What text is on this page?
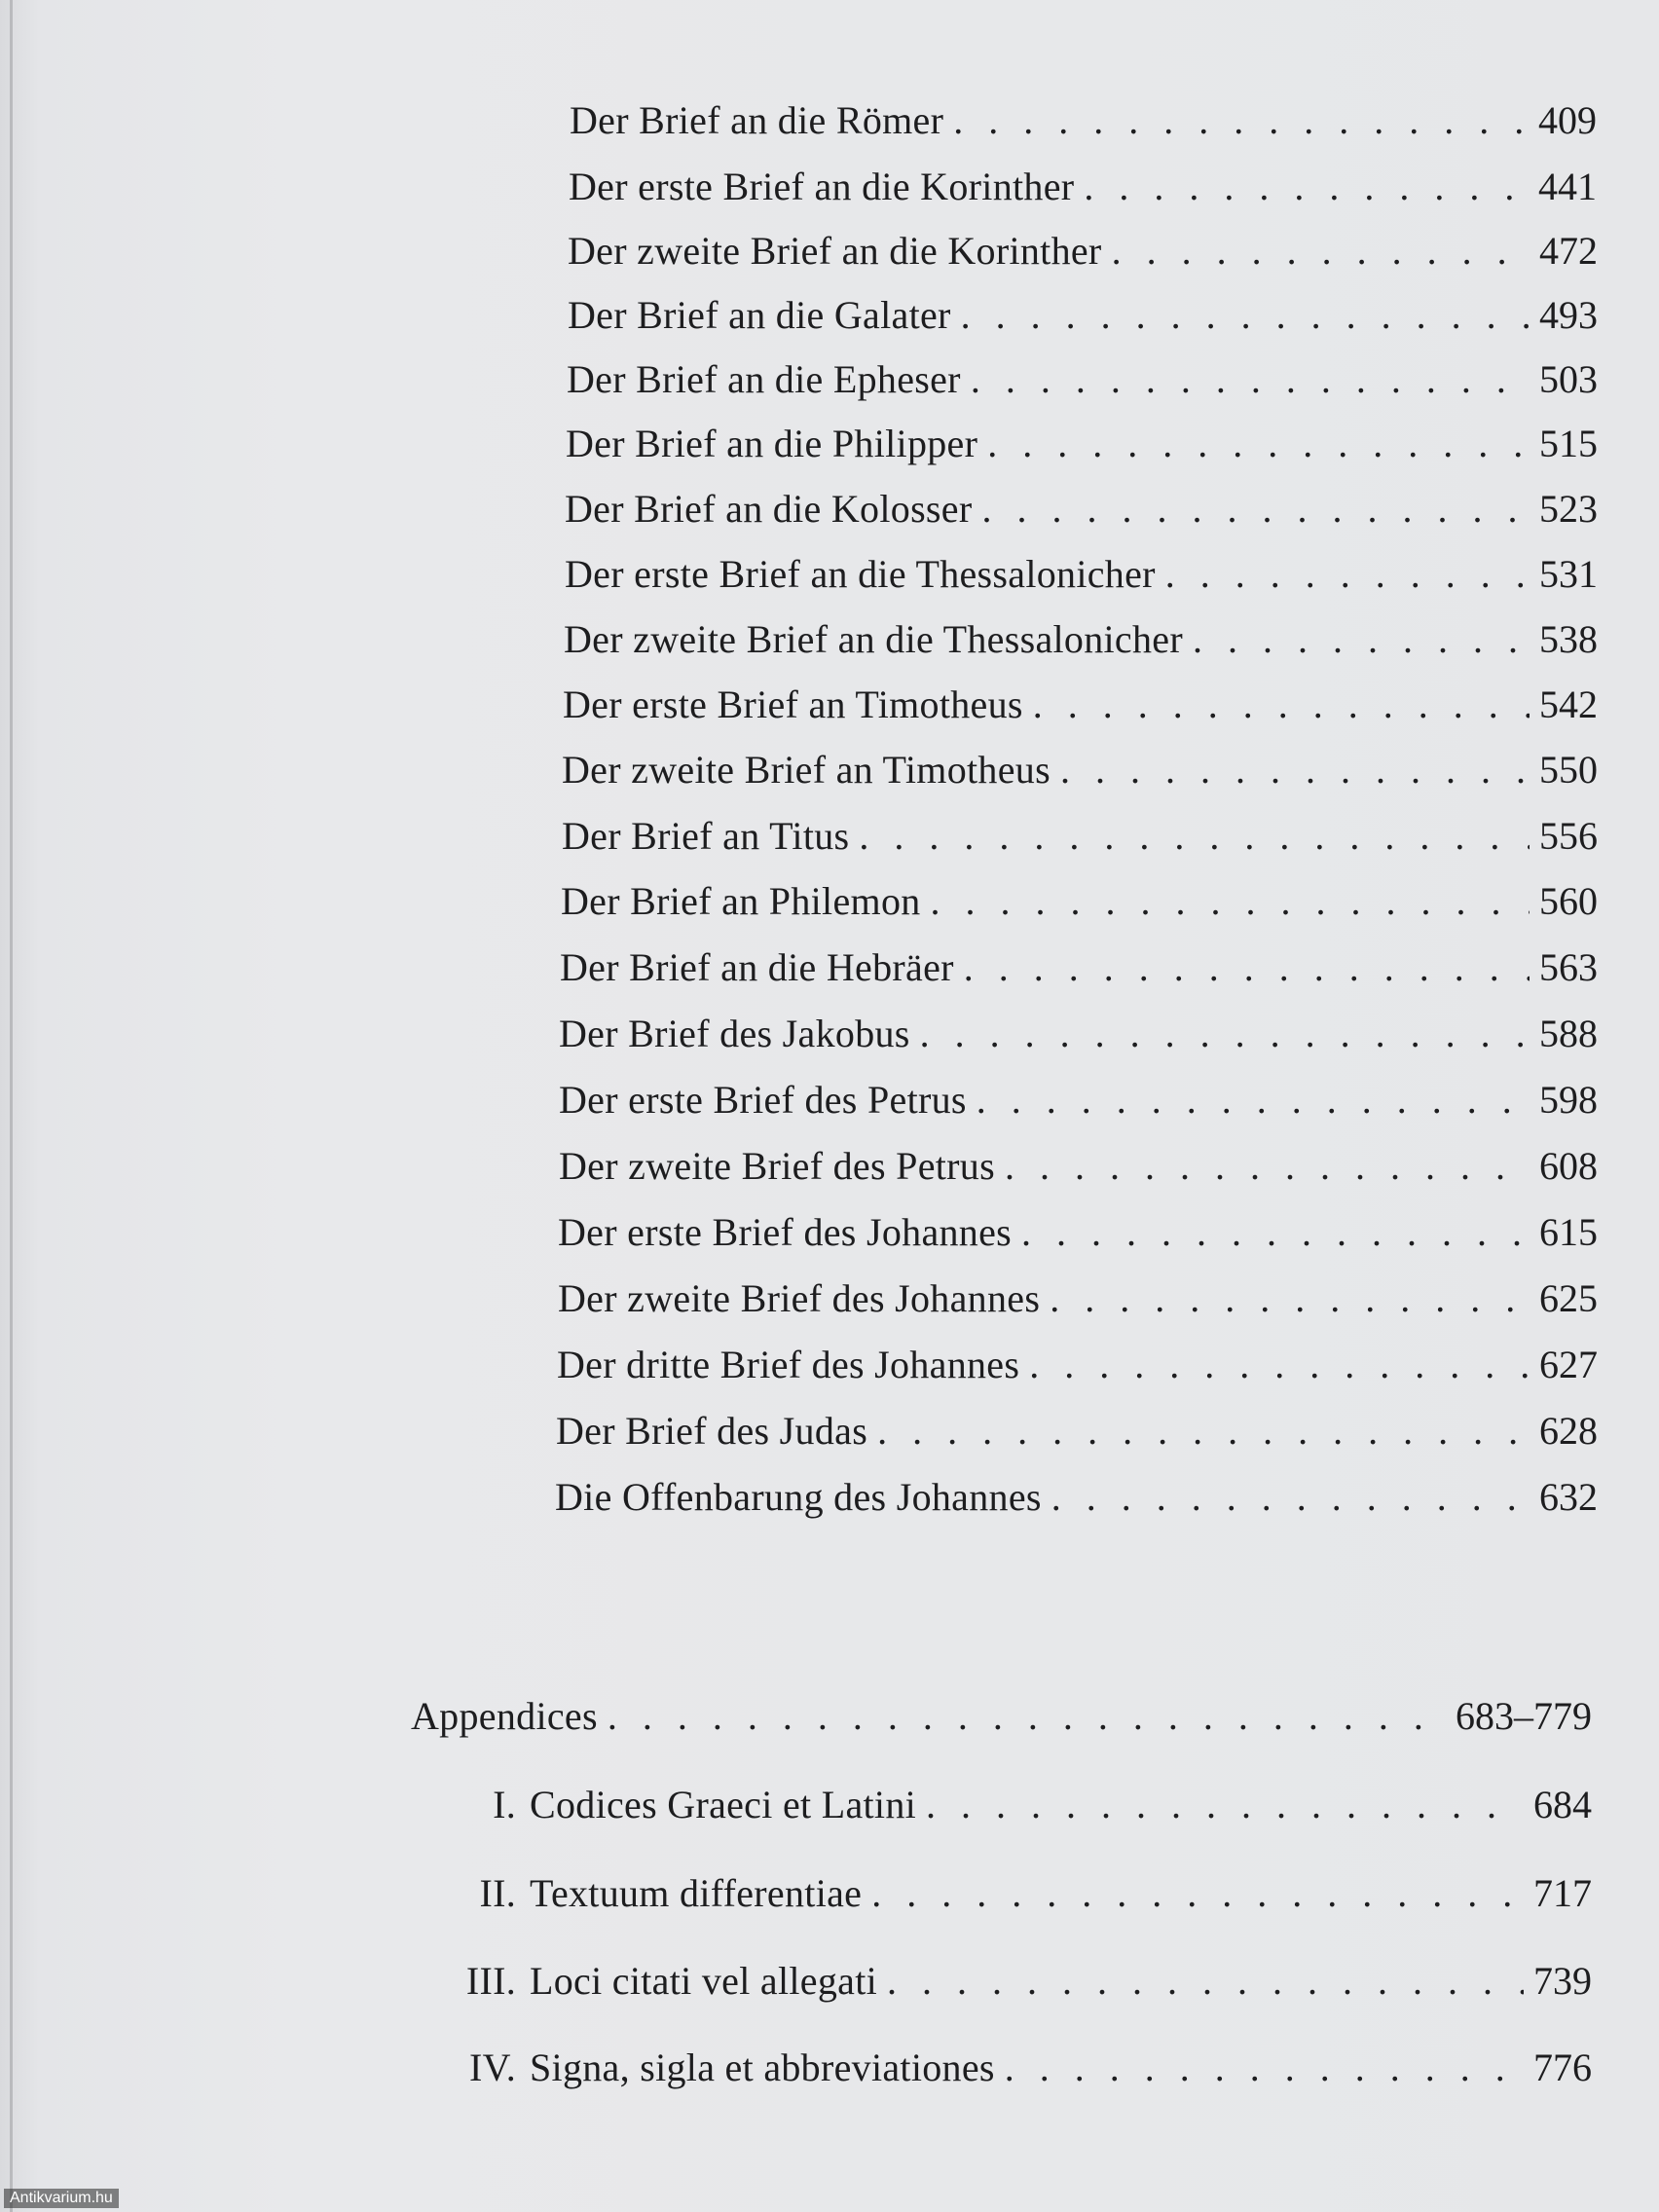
Der Brief an die Römer . . .	409
Der erste Brief an die Korinther . . .	441
Der zweite Brief an die Korinther . . .	472
Der Brief an die Galater . . .	493
Der Brief an die Epheser . . .	503
Der Brief an die Philipper . . .	515
Der Brief an die Kolosser . . .	523
Der erste Brief an die Thessalonicher . . .	531
Der zweite Brief an die Thessalonicher . . .	538
Der erste Brief an Timotheus . . .	542
Der zweite Brief an Timotheus . . .	550
Der Brief an Titus . . .	556
Der Brief an Philemon . . .	560
Der Brief an die Hebräer . . .	563
Der Brief des Jakobus . . .	588
Der erste Brief des Petrus . . .	598
Der zweite Brief des Petrus . . .	608
Der erste Brief des Johannes . . .	615
Der zweite Brief des Johannes . . .	625
Der dritte Brief des Johannes . . .	627
Der Brief des Judas . . .	628
Die Offenbarung des Johannes . . .	632
Appendices . . .	683–779
I. Codices Graeci et Latini . . .	684
II. Textuum differentiae . . .	717
III. Loci citati vel allegati . . .	739
IV. Signa, sigla et abbreviationes . . .	776
Antikvarium.hu
